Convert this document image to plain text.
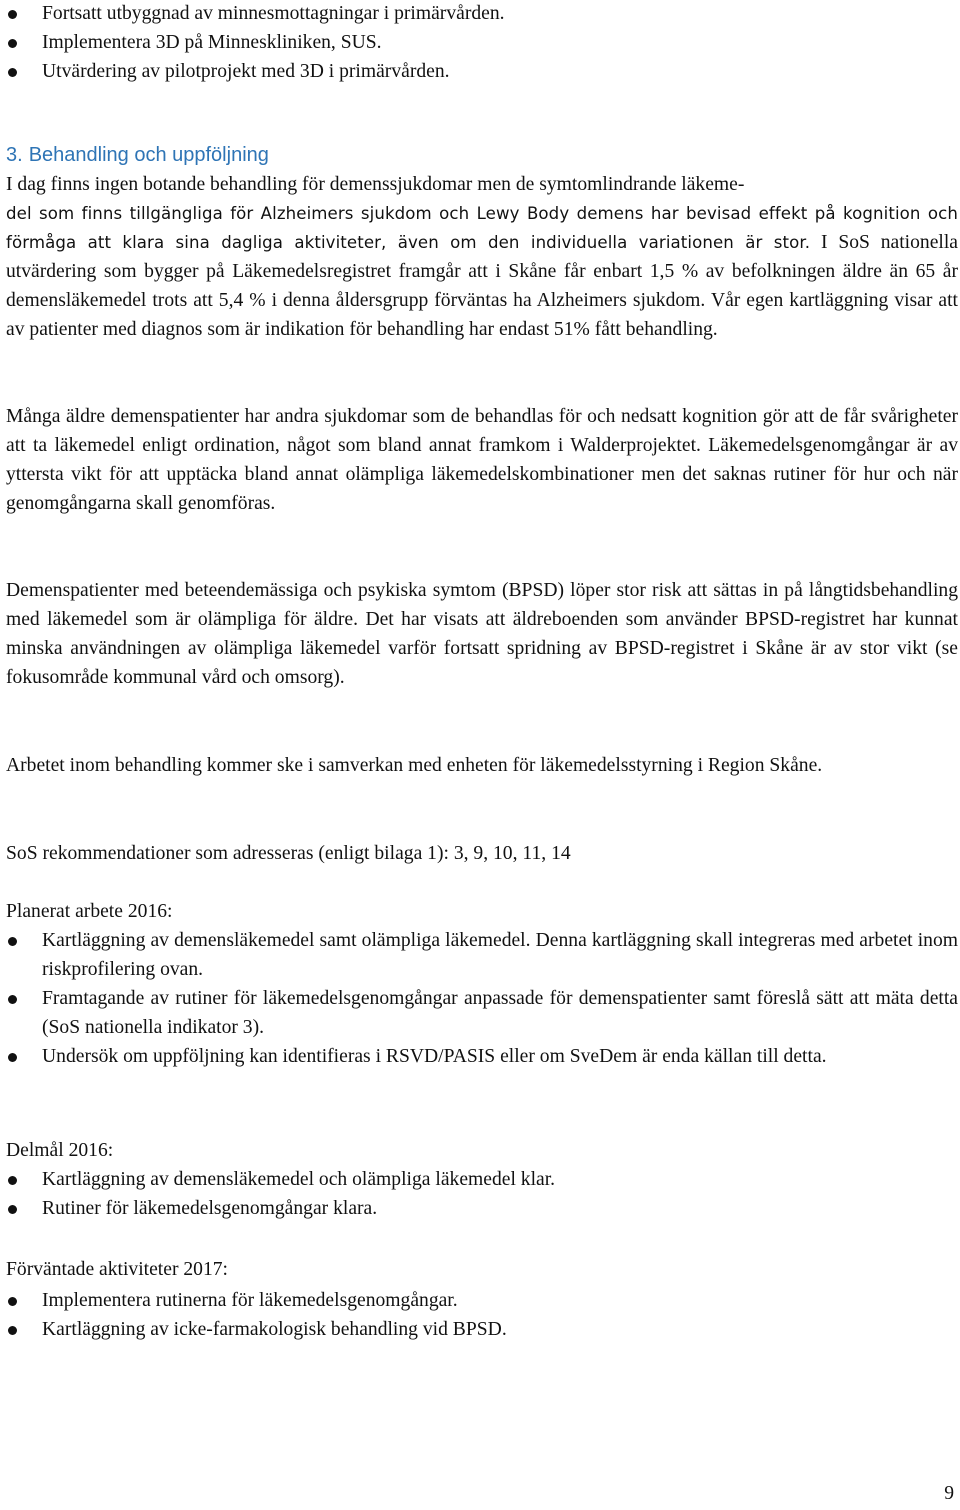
Fortsatt utbyggnad av minnesmottagningar i primärvården.
Implementera 3D på Minneskliniken, SUS.
Utvärdering av pilotprojekt med 3D i primärvården.
3. Behandling och uppföljning
I dag finns ingen botande behandling för demenssjukdomar men de symtomlindrande läkeme-
del som finns tillgängliga för Alzheimers sjukdom och Lewy Body demens har bevisad effekt på kognition och förmåga att klara sina dagliga aktiviteter, även om den individuella variationen är stor. I SoS nationella utvärdering som bygger på Läkemedelsregistret framgår att i Skåne får enbart 1,5 % av befolkningen äldre än 65 år demensläkemedel trots att 5,4 % i denna åldersgrupp förväntas ha Alzheimers sjukdom. Vår egen kartläggning visar att av patienter med diagnos som är indikation för behandling har endast 51% fått behandling.

Många äldre demenspatienter har andra sjukdomar som de behandlas för och nedsatt kognition gör att de får svårigheter att ta läkemedel enligt ordination, något som bland annat framkom i Walderprojektet. Läkemedelsgenomgångar är av yttersta vikt för att upptäcka bland annat olämpliga läkemedelskombinationer men det saknas rutiner för hur och när genomgångarna skall genomföras.

Demenspatienter med beteendemässiga och psykiska symtom (BPSD) löper stor risk att sättas in på långtidsbehandling med läkemedel som är olämpliga för äldre. Det har visats att äldreboenden som använder BPSD-registret har kunnat minska användningen av olämpliga läkemedel varför fortsatt spridning av BPSD-registret i Skåne är av stor vikt (se fokusområde kommunal vård och omsorg).

Arbetet inom behandling kommer ske i samverkan med enheten för läkemedelsstyrning i Region Skåne.

SoS rekommendationer som adresseras (enligt bilaga 1): 3, 9, 10, 11, 14

Planerat arbete 2016:

Kartläggning av demensläkemedel samt olämpliga läkemedel. Denna kartläggning skall integreras med arbetet inom riskprofilering ovan.
Framtagande av rutiner för läkemedelsgenomgångar anpassade för demenspatienter samt föreslå sätt att mäta detta (SoS nationella indikator 3).
Undersök om uppföljning kan identifieras i RSVD/PASIS eller om SveDem är enda källan till detta.

Delmål 2016:

Kartläggning av demensläkemedel och olämpliga läkemedel klar.
Rutiner för läkemedelsgenomgångar klara.

Förväntade aktiviteter 2017:

Implementera rutinerna för läkemedelsgenomgångar.
Kartläggning av icke-farmakologisk behandling vid BPSD.
9
